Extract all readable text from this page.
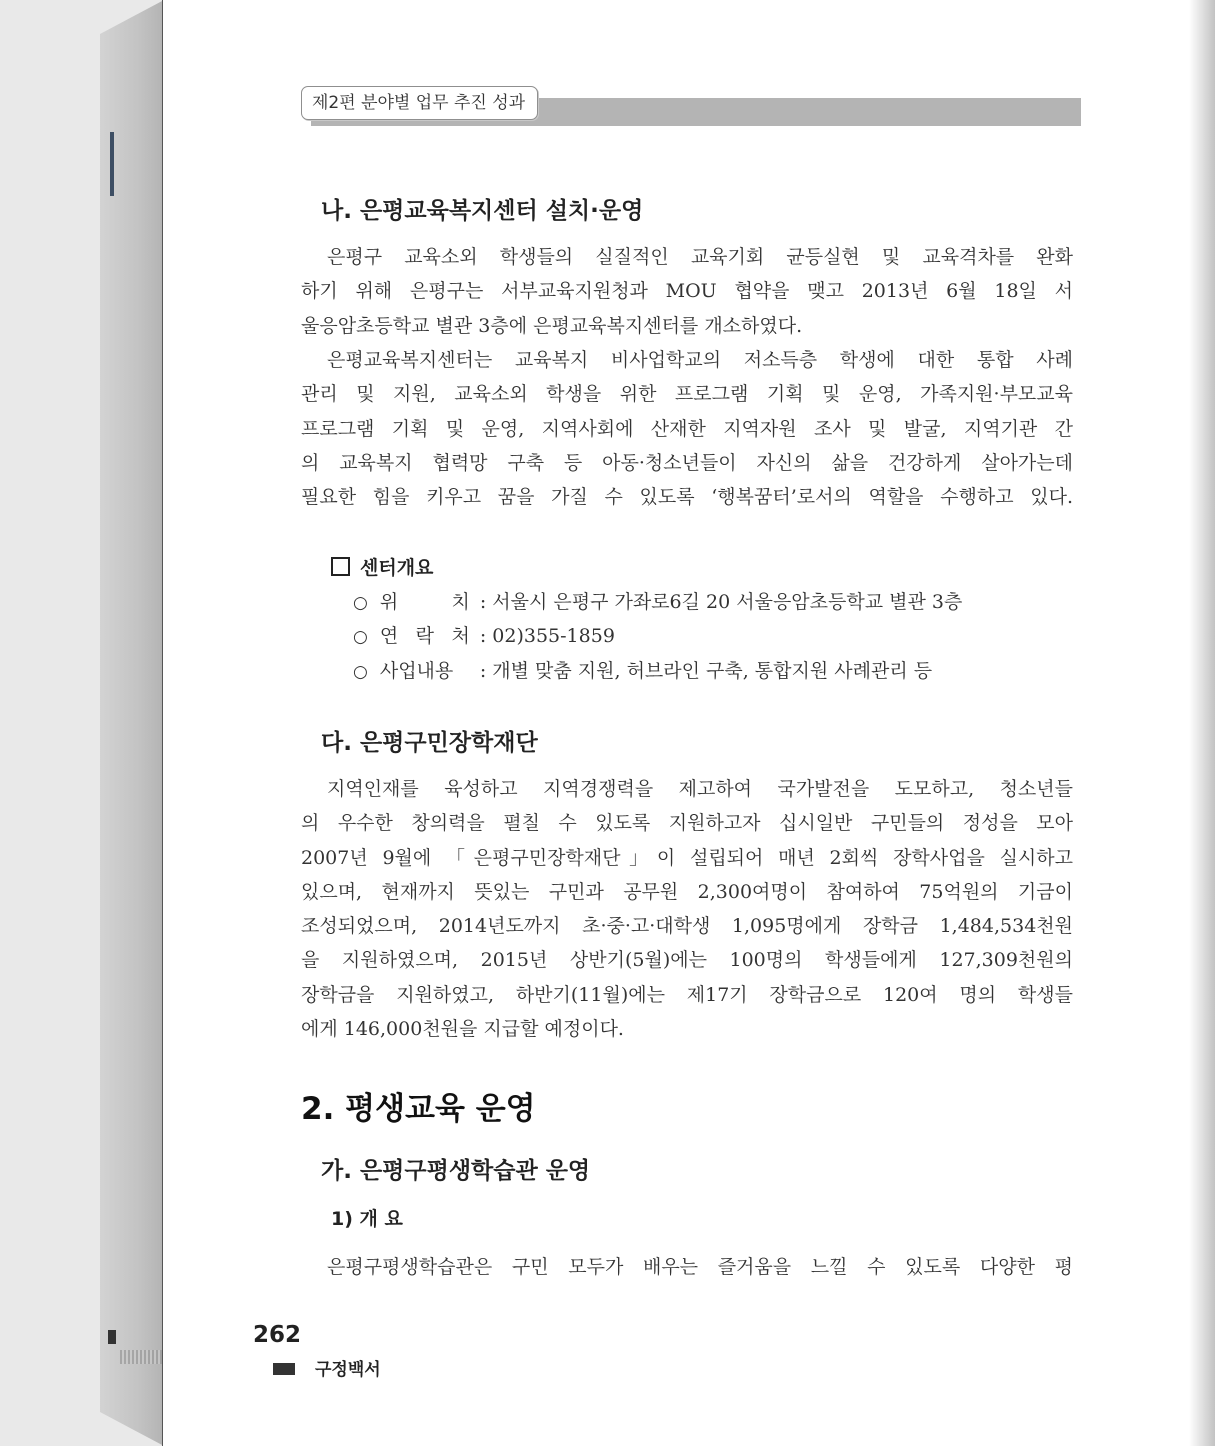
제2편 분야별 업무 추진 성과
나. 은평교육복지센터 설치·운영
은평구 교육소외 학생들의 실질적인 교육기회 균등실현 및 교육격차를 완화
하기 위해 은평구는 서부교육지원청과 MOU 협약을 맺고 2013년 6월 18일 서
울응암초등학교 별관 3층에 은평교육복지센터를 개소하였다.
은평교육복지센터는 교육복지 비사업학교의 저소득층 학생에 대한 통합 사례
관리 및 지원, 교육소외 학생을 위한 프로그램 기획 및 운영, 가족지원·부모교육
프로그램 기획 및 운영, 지역사회에 산재한 지역자원 조사 및 발굴, 지역기관 간
의 교육복지 협력망 구축 등 아동·청소년들이 자신의 삶을 건강하게 살아가는데
필요한 힘을 키우고 꿈을 가질 수 있도록 ‘행복꿈터’로서의 역할을 수행하고 있다.
센터개요
○ 위 치 : 서울시 은평구 가좌로6길 20 서울응암초등학교 별관 3층
○ 연 락 처 : 02)355-1859
○ 사업내용 : 개별 맞춤 지원, 허브라인 구축, 통합지원 사례관리 등
다. 은평구민장학재단
지역인재를 육성하고 지역경쟁력을 제고하여 국가발전을 도모하고, 청소년들
의 우수한 창의력을 펼칠 수 있도록 지원하고자 십시일반 구민들의 정성을 모아
2007년 9월에 「은평구민장학재단」이 설립되어 매년 2회씩 장학사업을 실시하고
있으며, 현재까지 뜻있는 구민과 공무원 2,300여명이 참여하여 75억원의 기금이
조성되었으며, 2014년도까지 초·중·고·대학생 1,095명에게 장학금 1,484,534천원
을 지원하였으며, 2015년 상반기(5월)에는 100명의 학생들에게 127,309천원의
장학금을 지원하였고, 하반기(11월)에는 제17기 장학금으로 120여 명의 학생들
에게 146,000천원을 지급할 예정이다.
2. 평생교육 운영
가. 은평구평생학습관 운영
1) 개 요
은평구평생학습관은 구민 모두가 배우는 즐거움을 느낄 수 있도록 다양한 평
262
구정백서
